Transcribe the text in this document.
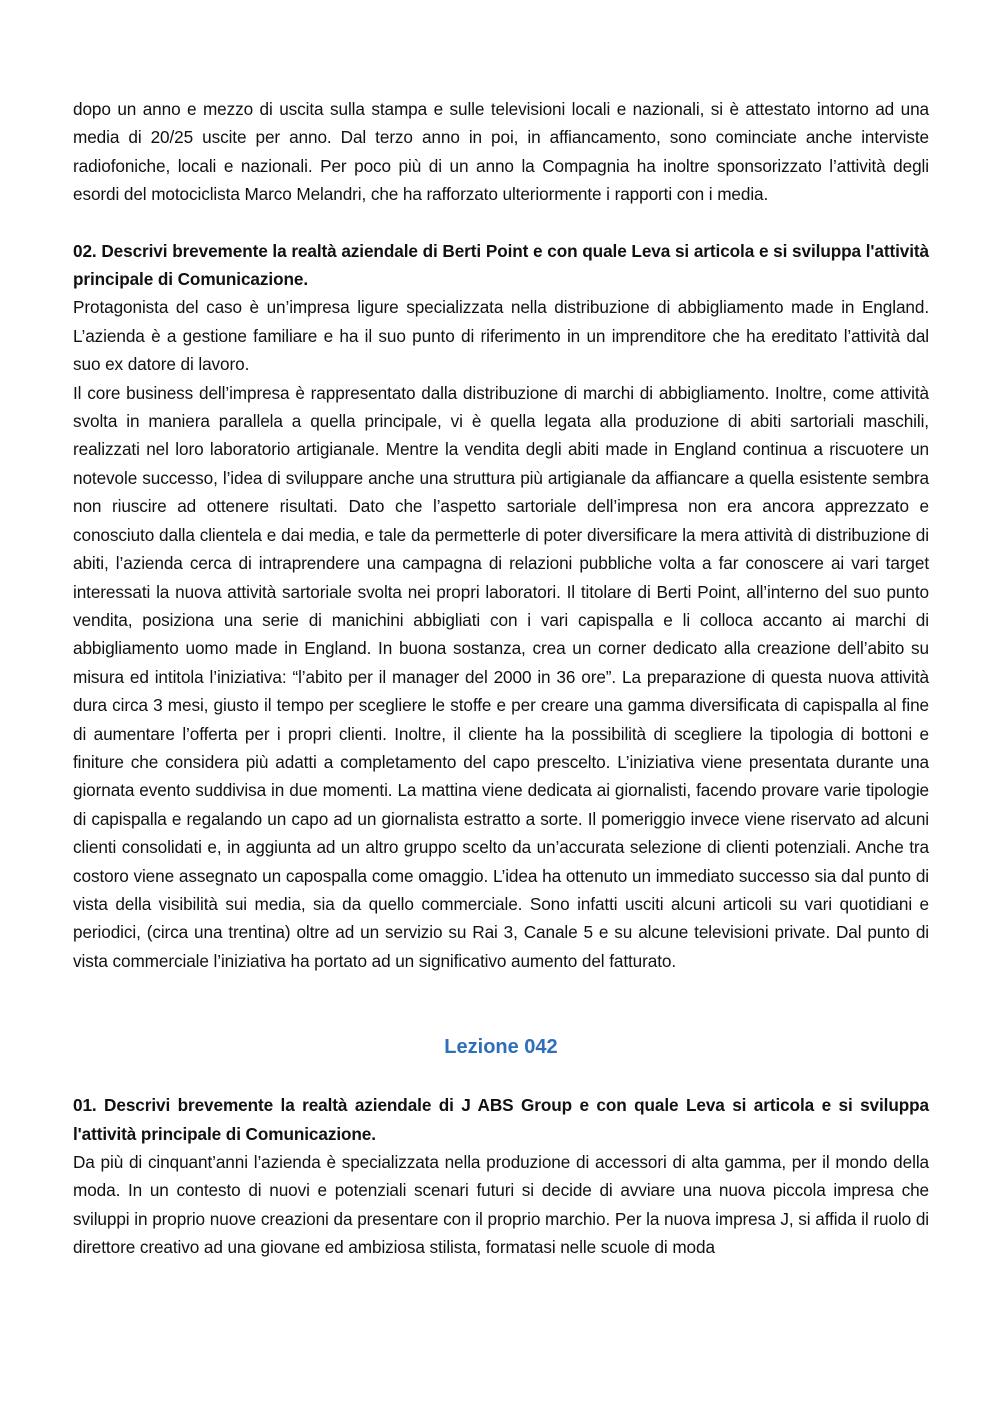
dopo un anno e mezzo di uscita sulla stampa e sulle televisioni locali e nazionali, si è attestato intorno ad una media di 20/25 uscite per anno. Dal terzo anno in poi, in affiancamento, sono cominciate anche interviste radiofoniche, locali e nazionali. Per poco più di un anno la Compagnia ha inoltre sponsorizzato l’attività degli esordi del motociclista Marco Melandri, che ha rafforzato ulteriormente i rapporti con i media.

02. Descrivi brevemente la realtà aziendale di Berti Point e con quale Leva si articola e si sviluppa l'attività principale di Comunicazione.

Protagonista del caso è un’impresa ligure specializzata nella distribuzione di abbigliamento made in England. L’azienda è a gestione familiare e ha il suo punto di riferimento in un imprenditore che ha ereditato l’attività dal suo ex datore di lavoro.

Il core business dell’impresa è rappresentato dalla distribuzione di marchi di abbigliamento. Inoltre, come attività svolta in maniera parallela a quella principale, vi è quella legata alla produzione di abiti sartoriali maschili, realizzati nel loro laboratorio artigianale. Mentre la vendita degli abiti made in England continua a riscuotere un notevole successo, l’idea di sviluppare anche una struttura più artigianale da affiancare a quella esistente sembra non riuscire ad ottenere risultati. Dato che l’aspetto sartoriale dell’impresa non era ancora apprezzato e conosciuto dalla clientela e dai media, e tale da permetterle di poter diversificare la mera attività di distribuzione di abiti, l’azienda cerca di intraprendere una campagna di relazioni pubbliche volta a far conoscere ai vari target interessati la nuova attività sartoriale svolta nei propri laboratori. Il titolare di Berti Point, all’interno del suo punto vendita, posiziona una serie di manichini abbigliati con i vari capispalla e li colloca accanto ai marchi di abbigliamento uomo made in England. In buona sostanza, crea un corner dedicato alla creazione dell’abito su misura ed intitola l’iniziativa: “l’abito per il manager del 2000 in 36 ore”. La preparazione di questa nuova attività dura circa 3 mesi, giusto il tempo per scegliere le stoffe e per creare una gamma diversificata di capispalla al fine di aumentare l’offerta per i propri clienti. Inoltre, il cliente ha la possibilità di scegliere la tipologia di bottoni e finiture che considera più adatti a completamento del capo prescelto. L’iniziativa viene presentata durante una giornata evento suddivisa in due momenti. La mattina viene dedicata ai giornalisti, facendo provare varie tipologie di capispalla e regalando un capo ad un giornalista estratto a sorte. Il pomeriggio invece viene riservato ad alcuni clienti consolidati e, in aggiunta ad un altro gruppo scelto da un’accurata selezione di clienti potenziali. Anche tra costoro viene assegnato un capospalla come omaggio. L’idea ha ottenuto un immediato successo sia dal punto di vista della visibilità sui media, sia da quello commerciale. Sono infatti usciti alcuni articoli su vari quotidiani e periodici, (circa una trentina) oltre ad un servizio su Rai 3, Canale 5 e su alcune televisioni private. Dal punto di vista commerciale l’iniziativa ha portato ad un significativo aumento del fatturato.

Lezione 042

01. Descrivi brevemente la realtà aziendale di J ABS Group e con quale Leva si articola e si sviluppa l'attività principale di Comunicazione.

Da più di cinquant’anni l’azienda è specializzata nella produzione di accessori di alta gamma, per il mondo della moda. In un contesto di nuovi e potenziali scenari futuri si decide di avviare una nuova piccola impresa che sviluppi in proprio nuove creazioni da presentare con il proprio marchio. Per la nuova impresa J, si affida il ruolo di direttore creativo ad una giovane ed ambiziosa stilista, formatasi nelle scuole di moda
